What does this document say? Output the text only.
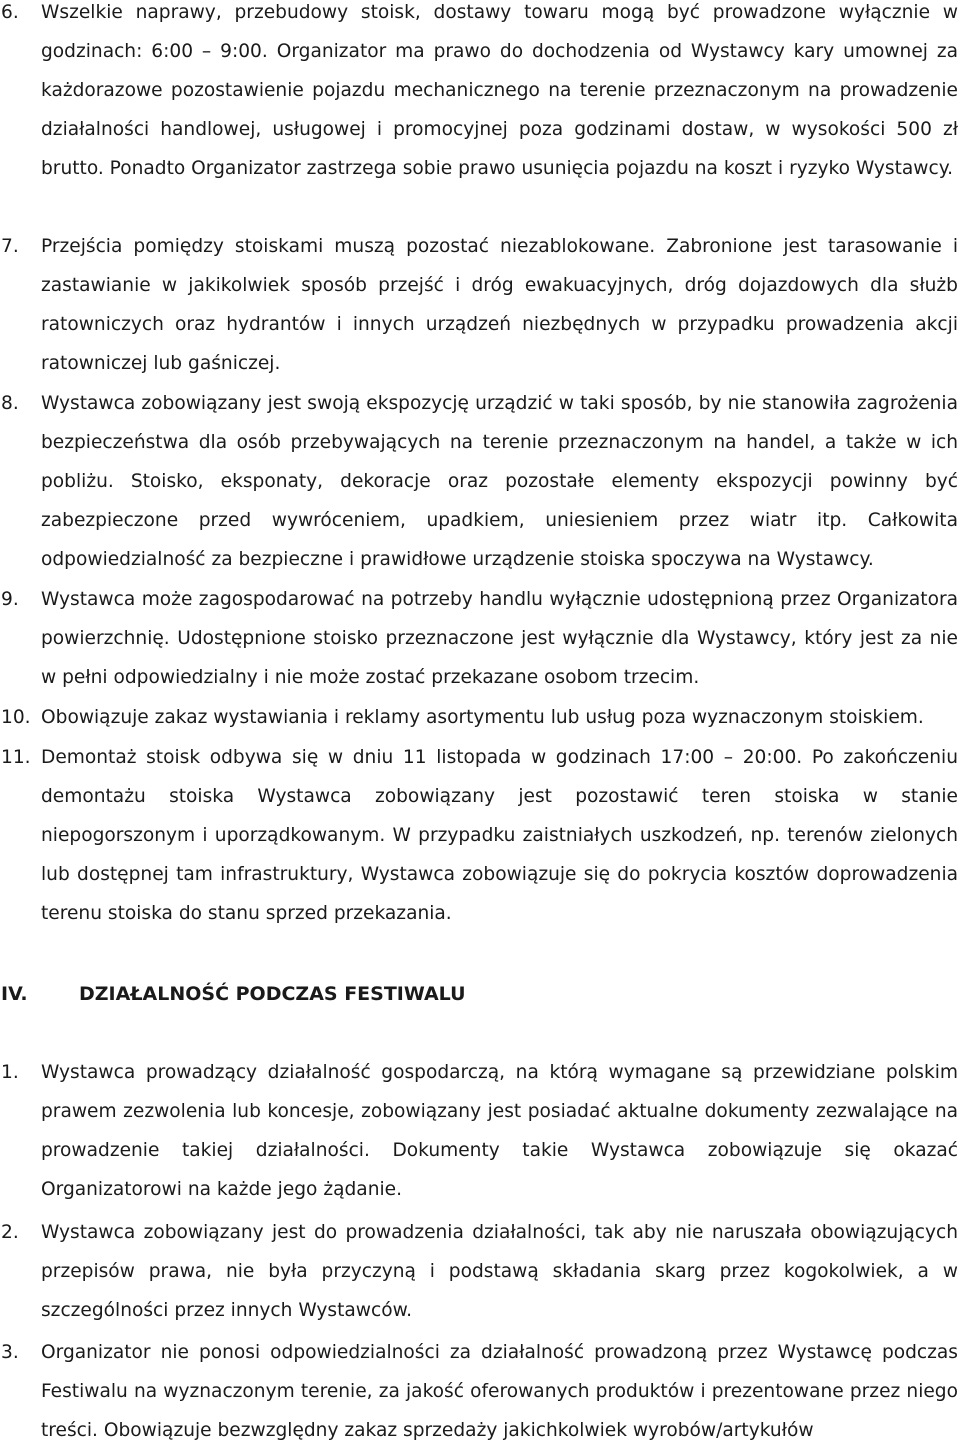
6.	Wszelkie naprawy, przebudowy stoisk, dostawy towaru mogą być prowadzone wyłącznie w godzinach: 6:00 – 9:00. Organizator ma prawo do dochodzenia od Wystawcy kary umownej za każdorazowe pozostawienie pojazdu mechanicznego na terenie przeznaczonym na prowadzenie działalności handlowej, usługowej i promocyjnej poza godzinami dostaw, w wysokości 500 zł brutto. Ponadto Organizator zastrzega sobie prawo usunięcia pojazdu na koszt i ryzyko Wystawcy.
7.	Przejścia pomiędzy stoiskami muszą pozostać niezablokowane. Zabronione jest tarasowanie i zastawianie w jakikolwiek sposób przejść i dróg ewakuacyjnych, dróg dojazdowych dla służb ratowniczych oraz hydrantów i innych urządzeń niezbędnych w przypadku prowadzenia akcji ratowniczej lub gaśniczej.
8.	Wystawca zobowiązany jest swoją ekspozycję urządzić w taki sposób, by nie stanowiła zagrożenia bezpieczeństwa dla osób przebywających na terenie przeznaczonym na handel, a także w ich pobliżu. Stoisko, eksponaty, dekoracje oraz pozostałe elementy ekspozycji powinny być zabezpieczone przed wywróceniem, upadkiem, uniesieniem przez wiatr itp. Całkowita odpowiedzialność za bezpieczne i prawidłowe urządzenie stoiska spoczywa na Wystawcy.
9.	Wystawca może zagospodarować na potrzeby handlu wyłącznie udostępnioną przez Organizatora powierzchnię. Udostępnione stoisko przeznaczone jest wyłącznie dla Wystawcy, który jest za nie w pełni odpowiedzialny i nie może zostać przekazane osobom trzecim.
10. Obowiązuje zakaz wystawiania i reklamy asortymentu lub usług poza wyznaczonym stoiskiem.
11. Demontaż stoisk odbywa się w dniu 11 listopada w godzinach 17:00 – 20:00. Po zakończeniu demontażu stoiska Wystawca zobowiązany jest pozostawić teren stoiska w stanie niepogorszonym i uporządkowanym. W przypadku zaistniałych uszkodzeń, np. terenów zielonych lub dostępnej tam infrastruktury, Wystawca zobowiązuje się do pokrycia kosztów doprowadzenia terenu stoiska do stanu sprzed przekazania.
IV.	DZIAŁALNOŚĆ PODCZAS FESTIWALU
1.	Wystawca prowadzący działalność gospodarczą, na którą wymagane są przewidziane polskim prawem zezwolenia lub koncesje, zobowiązany jest posiadać aktualne dokumenty zezwalające na prowadzenie takiej działalności. Dokumenty takie Wystawca zobowiązuje się okazać Organizatorowi na każde jego żądanie.
2.	Wystawca zobowiązany jest do prowadzenia działalności, tak aby nie naruszała obowiązujących przepisów prawa, nie była przyczyną i podstawą składania skarg przez kogokolwiek, a w szczególności przez innych Wystawców.
3.	Organizator nie ponosi odpowiedzialności za działalność prowadzoną przez Wystawcę podczas Festiwalu na wyznaczonym terenie, za jakość oferowanych produktów i prezentowane przez niego treści. Obowiązuje bezwzględny zakaz sprzedaży jakichkolwiek wyrobów/artykułów
